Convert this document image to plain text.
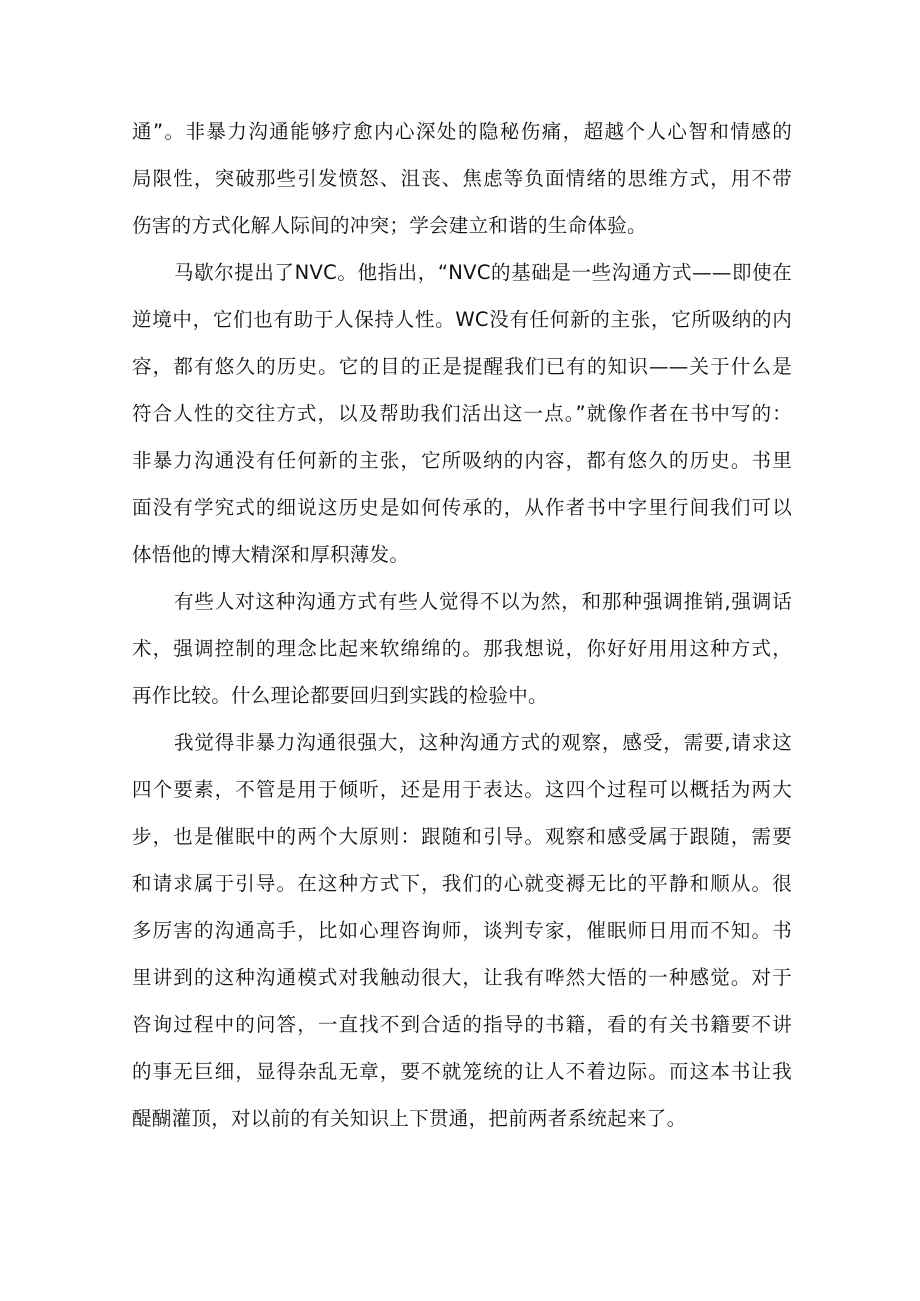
通”。非暴力沟通能够疗愈内心深处的隐秘伤痛，超越个人心智和情感的
局限性，突破那些引发愤怒、沮丧、焦虑等负面情绪的思维方式，用不带
伤害的方式化解人际间的冲突；学会建立和谐的生命体验。
马歇尔提出了NVC。他指出，“NVC的基础是一些沟通方式——即使在
逆境中，它们也有助于人保持人性。WC没有任何新的主张，它所吸纳的内
容，都有悠久的历史。它的目的正是提醒我们已有的知识——关于什么是
符合人性的交往方式，以及帮助我们活出这一点。”就像作者在书中写的：
非暴力沟通没有任何新的主张，它所吸纳的内容，都有悠久的历史。书里
面没有学究式的细说这历史是如何传承的，从作者书中字里行间我们可以
体悟他的博大精深和厚积薄发。
有些人对这种沟通方式有些人觉得不以为然，和那种强调推销,强调话
术，强调控制的理念比起来软绵绵的。那我想说，你好好用用这种方式，
再作比较。什么理论都要回归到实践的检验中。
我觉得非暴力沟通很强大，这种沟通方式的观察，感受，需要,请求这
四个要素，不管是用于倾听，还是用于表达。这四个过程可以概括为两大
步，也是催眠中的两个大原则：跟随和引导。观察和感受属于跟随，需要
和请求属于引导。在这种方式下，我们的心就变褥无比的平静和顺从。很
多厉害的沟通高手，比如心理咨询师，谈判专家，催眠师日用而不知。书
里讲到的这种沟通模式对我触动很大，让我有哗然大悟的一种感觉。对于
咨询过程中的问答，一直找不到合适的指导的书籍，看的有关书籍要不讲
的事无巨细，显得杂乱无章，要不就笼统的让人不着边际。而这本书让我
醍醐灌顶，对以前的有关知识上下贯通，把前两者系统起来了。
